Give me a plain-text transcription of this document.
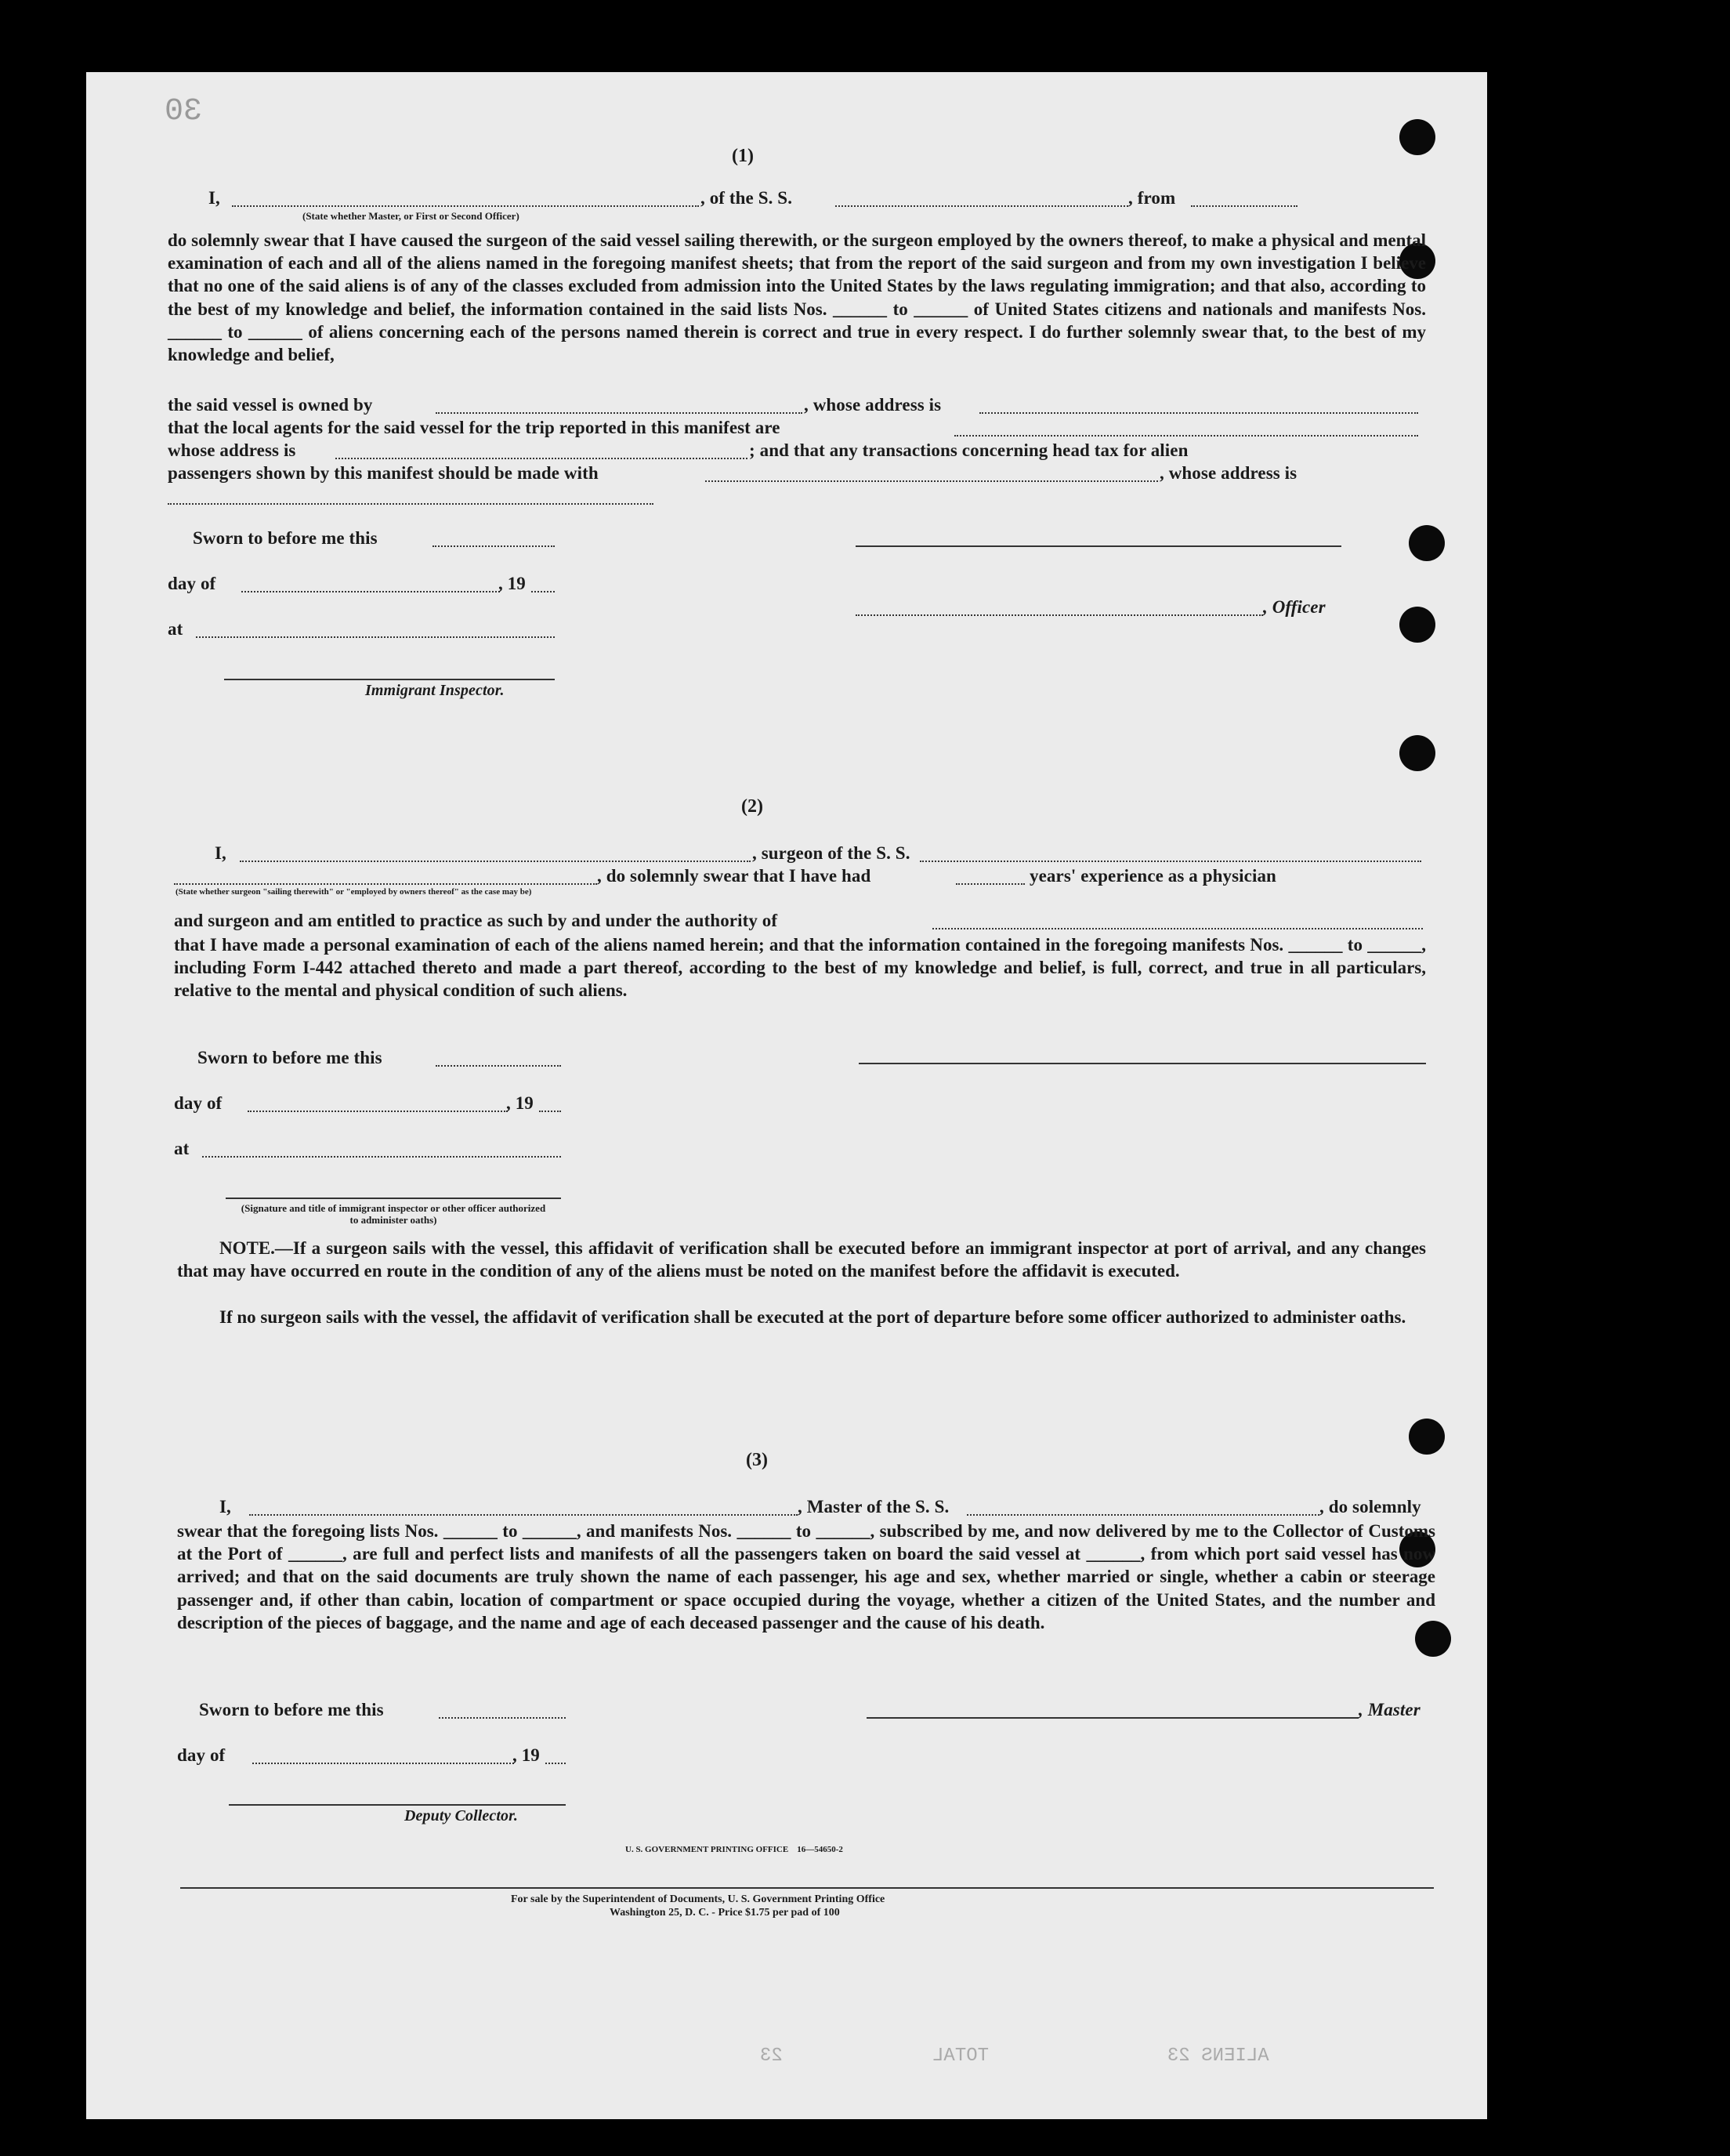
30
TOTAL
23	ALIENS 23
(1)
I,	, of the S. S.	, from
(State whether Master, or First or Second Officer)
do solemnly swear that I have caused the surgeon of the said vessel sailing therewith, or the surgeon employed by the owners thereof, to make a physical and mental examination of each and all of the aliens named in the foregoing manifest sheets; that from the report of the said surgeon and from my own investigation I believe that no one of the said aliens is of any of the classes excluded from admission into the United States by the laws regulating immigration; and that also, according to the best of my knowledge and belief, the information contained in the said lists Nos. ______ to ______ of United States citizens and nationals and manifests Nos. ______ to ______ of aliens concerning each of the persons named therein is correct and true in every respect. I do further solemnly swear that, to the best of my knowledge and belief,
the said vessel is owned by	, whose address is
that the local agents for the said vessel for the trip reported in this manifest are
whose address is	; and that any transactions concerning head tax for alien
passengers shown by this manifest should be made with	, whose address is
Sworn to before me this
day of	, 19
, Officer
at
Immigrant Inspector.
(2)
I,	, surgeon of the S. S.
, do solemnly swear that I have had	years' experience as a physician
(State whether surgeon "sailing therewith" or "employed by owners thereof" as the case may be)
and surgeon and am entitled to practice as such by and under the authority of
that I have made a personal examination of each of the aliens named herein; and that the information contained in the foregoing manifests Nos. ______ to ______, including Form I-442 attached thereto and made a part thereof, according to the best of my knowledge and belief, is full, correct, and true in all particulars, relative to the mental and physical condition of such aliens.
Sworn to before me this
day of	, 19
at
(Signature and title of immigrant inspector or other officer authorized to administer oaths)
NOTE.—If a surgeon sails with the vessel, this affidavit of verification shall be executed before an immigrant inspector at port of arrival, and any changes that may have occurred en route in the condition of any of the aliens must be noted on the manifest before the affidavit is executed.
If no surgeon sails with the vessel, the affidavit of verification shall be executed at the port of departure before some officer authorized to administer oaths.
(3)
I,	, Master of the S. S.	, do solemnly
swear that the foregoing lists Nos. ______ to ______, and manifests Nos. ______ to ______, subscribed by me, and now delivered by me to the Collector of Customs at the Port of ______, are full and perfect lists and manifests of all the passengers taken on board the said vessel at ______, from which port said vessel has now arrived; and that on the said documents are truly shown the name of each passenger, his age and sex, whether married or single, whether a cabin or steerage passenger and, if other than cabin, location of compartment or space occupied during the voyage, whether a citizen of the United States, and the number and description of the pieces of baggage, and the name and age of each deceased passenger and the cause of his death.
Sworn to before me this	, Master
day of	, 19
Deputy Collector.
U. S. GOVERNMENT PRINTING OFFICE    16—54650-2
For sale by the Superintendent of Documents, U. S. Government Printing Office
Washington 25, D. C. - Price $1.75 per pad of 100
